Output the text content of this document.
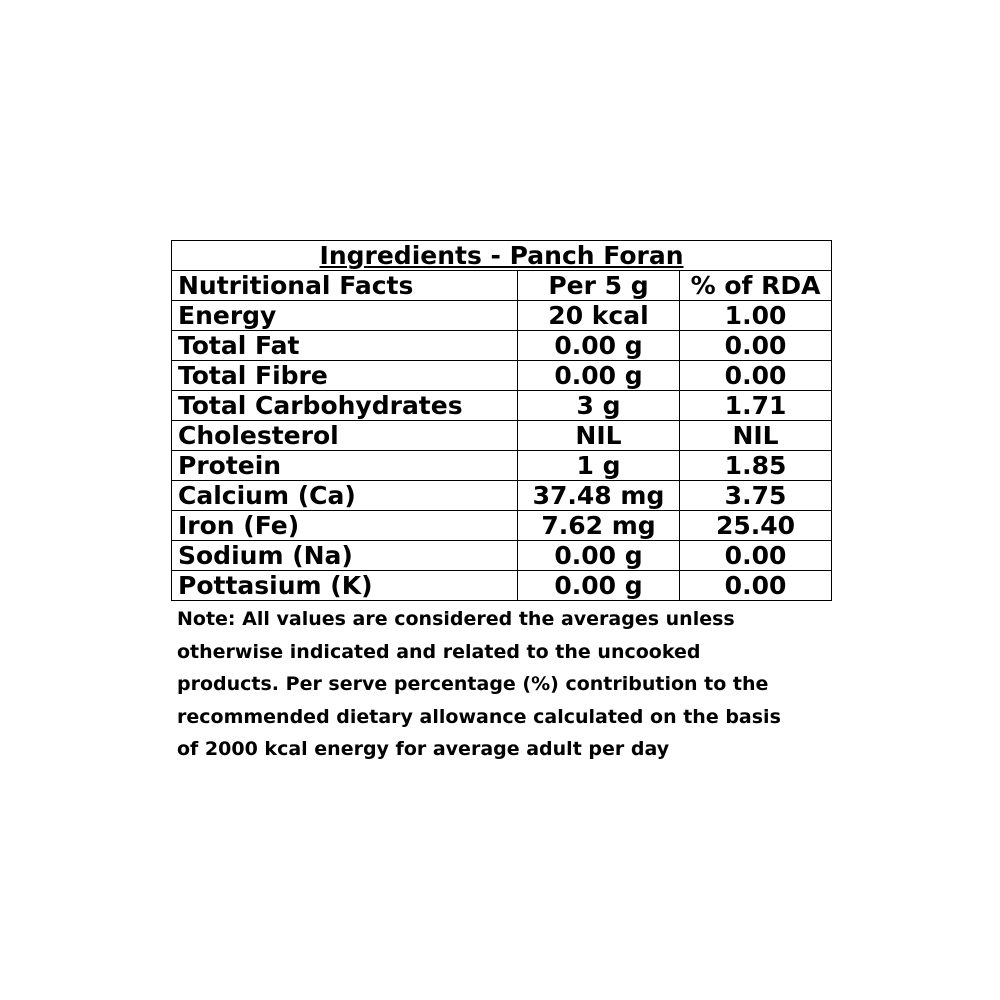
Ingredients - Panch Foran		
Nutritional Facts	Per 5 g	% of RDA
Energy	20 kcal	1.00
Total Fat	0.00 g	0.00
Total Fibre	0.00 g	0.00
Total Carbohydrates	3 g	1.71
Cholesterol	NIL	NIL
Protein	1 g	1.85
Calcium (Ca)	37.48 mg	3.75
Iron (Fe)	7.62 mg	25.40
Sodium (Na)	0.00 g	0.00
Pottasium (K)	0.00 g	0.00
Note: All values are considered the averages unless
otherwise indicated and related to the uncooked
products. Per serve percentage (%) contribution to the
recommended dietary allowance calculated on the basis
of 2000 kcal energy for average adult per day
